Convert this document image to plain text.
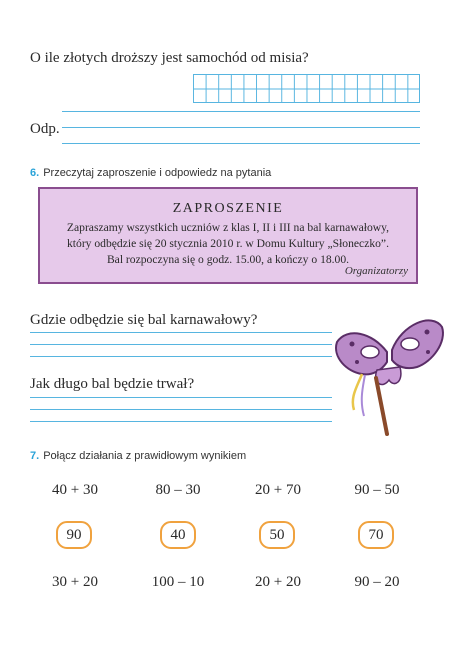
O ile złotych droższy jest samochód od misia?
Odp.
6. Przeczytaj zaproszenie i odpowiedz na pytania
ZAPROSZENIE
Zapraszamy wszystkich uczniów z klas I, II i III na bal karnawałowy,
który odbędzie się 20 stycznia 2010 r. w Domu Kultury „Słoneczko”.
Bal rozpoczyna się o godz. 15.00, a kończy o 18.00.
Organizatorzy
Gdzie odbędzie się bal karnawałowy?
Jak długo bal będzie trwał?
7. Połącz działania z prawidłowym wynikiem
40 + 30	80 – 30	20 + 70	90 – 50
90	40	50	70
30 + 20	100 – 10	20 + 20	90 – 20
